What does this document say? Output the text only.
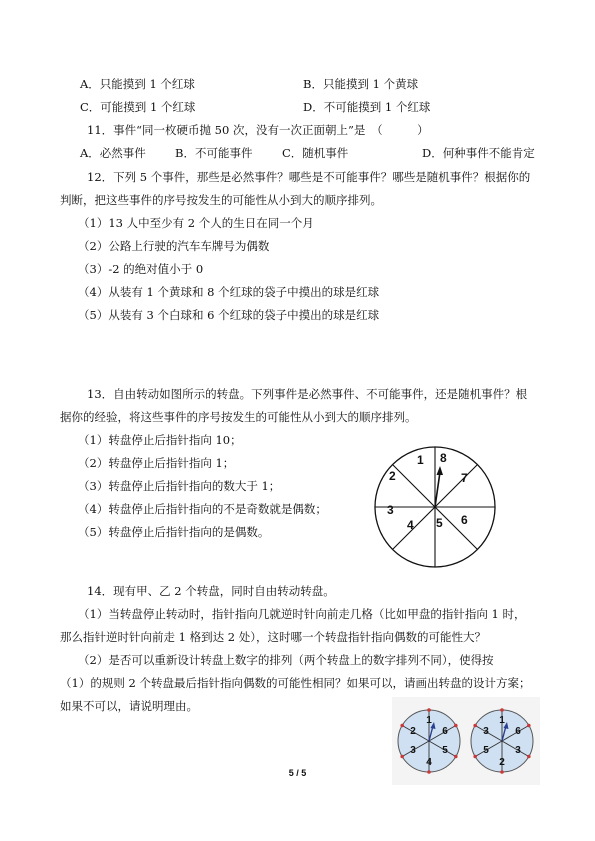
A．只能摸到 1 个红球	B．只能摸到 1 个黄球
C．可能摸到 1 个红球	D．不可能摸到 1 个红球
11．事件“同一枚硬币抛 50 次，没有一次正面朝上”是　（　　　）
A．必然事件	B．不可能事件	C．随机事件	D．何种事件不能肯定
12．下列 5 个事件，那些是必然事件？哪些是不可能事件？哪些是随机事件？根据你的
判断，把这些事件的序号按发生的可能性从小到大的顺序排列。
（1）13 人中至少有 2 个人的生日在同一个月
（2）公路上行驶的汽车车牌号为偶数
（3）-2 的绝对值小于 0
（4）从装有 1 个黄球和 8 个红球的袋子中摸出的球是红球
（5）从装有 3 个白球和 6 个红球的袋子中摸出的球是红球
13．自由转动如图所示的转盘。下列事件是必然事件、不可能事件，还是随机事件？根
据你的经验，将这些事件的序号按发生的可能性从小到大的顺序排列。
（1）转盘停止后指针指向 10；
（2）转盘停止后指针指向 1；
（3）转盘停止后指针指向的数大于 1；
（4）转盘停止后指针指向的不是奇数就是偶数；
（5）转盘停止后指针指向的是偶数。
1 8
7
6
5
4
3
2
14．现有甲、乙 2 个转盘，同时自由转动转盘。
（1）当转盘停止转动时，指针指向几就逆时针向前走几格（比如甲盘的指针指向 1 时，
那么指针逆时针向前走 1 格到达 2 处），这时哪一个转盘指针指向偶数的可能性大？
（2）是否可以重新设计转盘上数字的排列（两个转盘上的数字排列不同），使得按
（1）的规则 2 个转盘最后指针指向偶数的可能性相同？如果可以，请画出转盘的设计方案；
如果不可以，请说明理由。
1
6
5
4
3
2
1
6
3
2
5
3
5 / 5
